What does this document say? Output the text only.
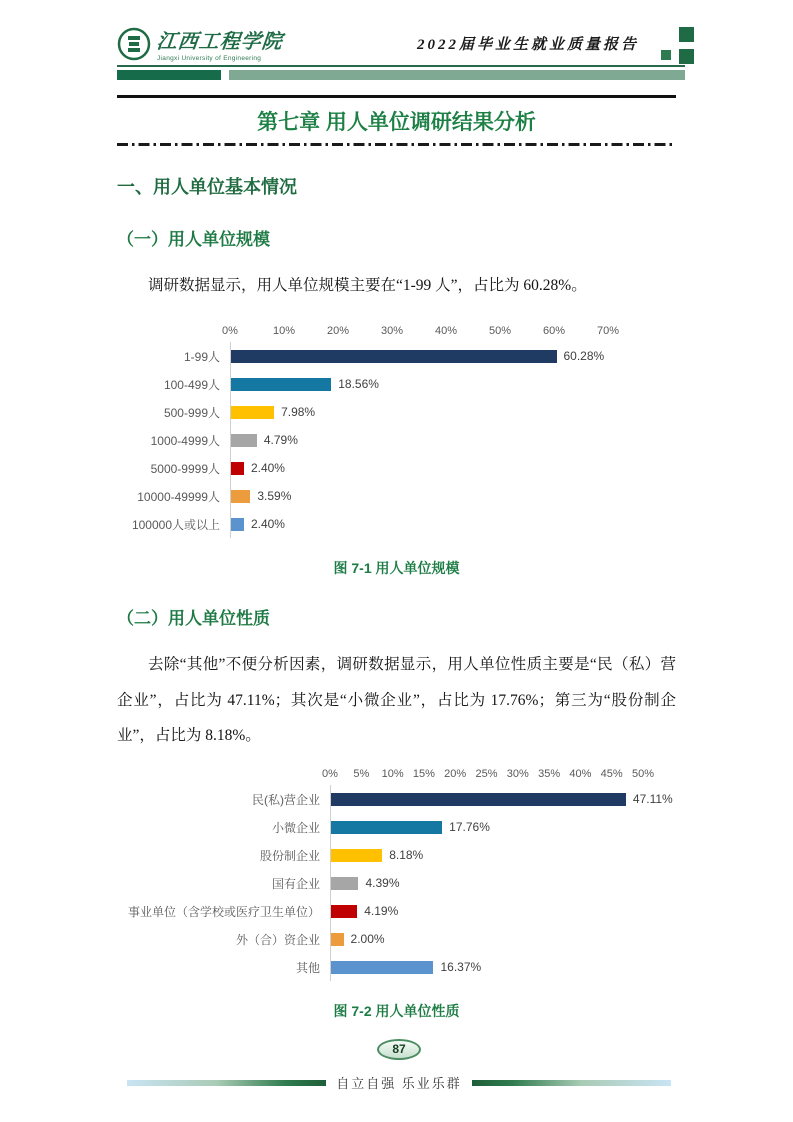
江西工程学院
Jiangxi University of Engineering
2022届毕业生就业质量报告
第七章 用人单位调研结果分析
一、用人单位基本情况
（一）用人单位规模

调研数据显示，用人单位规模主要在“1-99 人”，占比为 60.28%。

0%	10%	20%	30%	40%	50%	60%	70%
1-99人	60.28%
100-499人	18.56%
500-999人	7.98%
1000-4999人	4.79%
5000-9999人	2.40%
10000-49999人	3.59%
100000人或以上	2.40%
图 7-1 用人单位规模
（二）用人单位性质

去除“其他”不便分析因素，调研数据显示，用人单位性质主要是“民（私）营企业”，占比为 47.11%；其次是“小微企业”，占比为 17.76%；第三为“股份制企业”，占比为 8.18%。

0% 5% 10% 15% 20% 25% 30% 35% 40% 45% 50%
民(私)营企业	47.11%
小微企业	17.76%
股份制企业	8.18%
国有企业	4.39%
事业单位（含学校或医疗卫生单位）	4.19%
外（合）资企业	2.00%
其他	16.37%
图 7-2 用人单位性质
87
自立自强 乐业乐群
